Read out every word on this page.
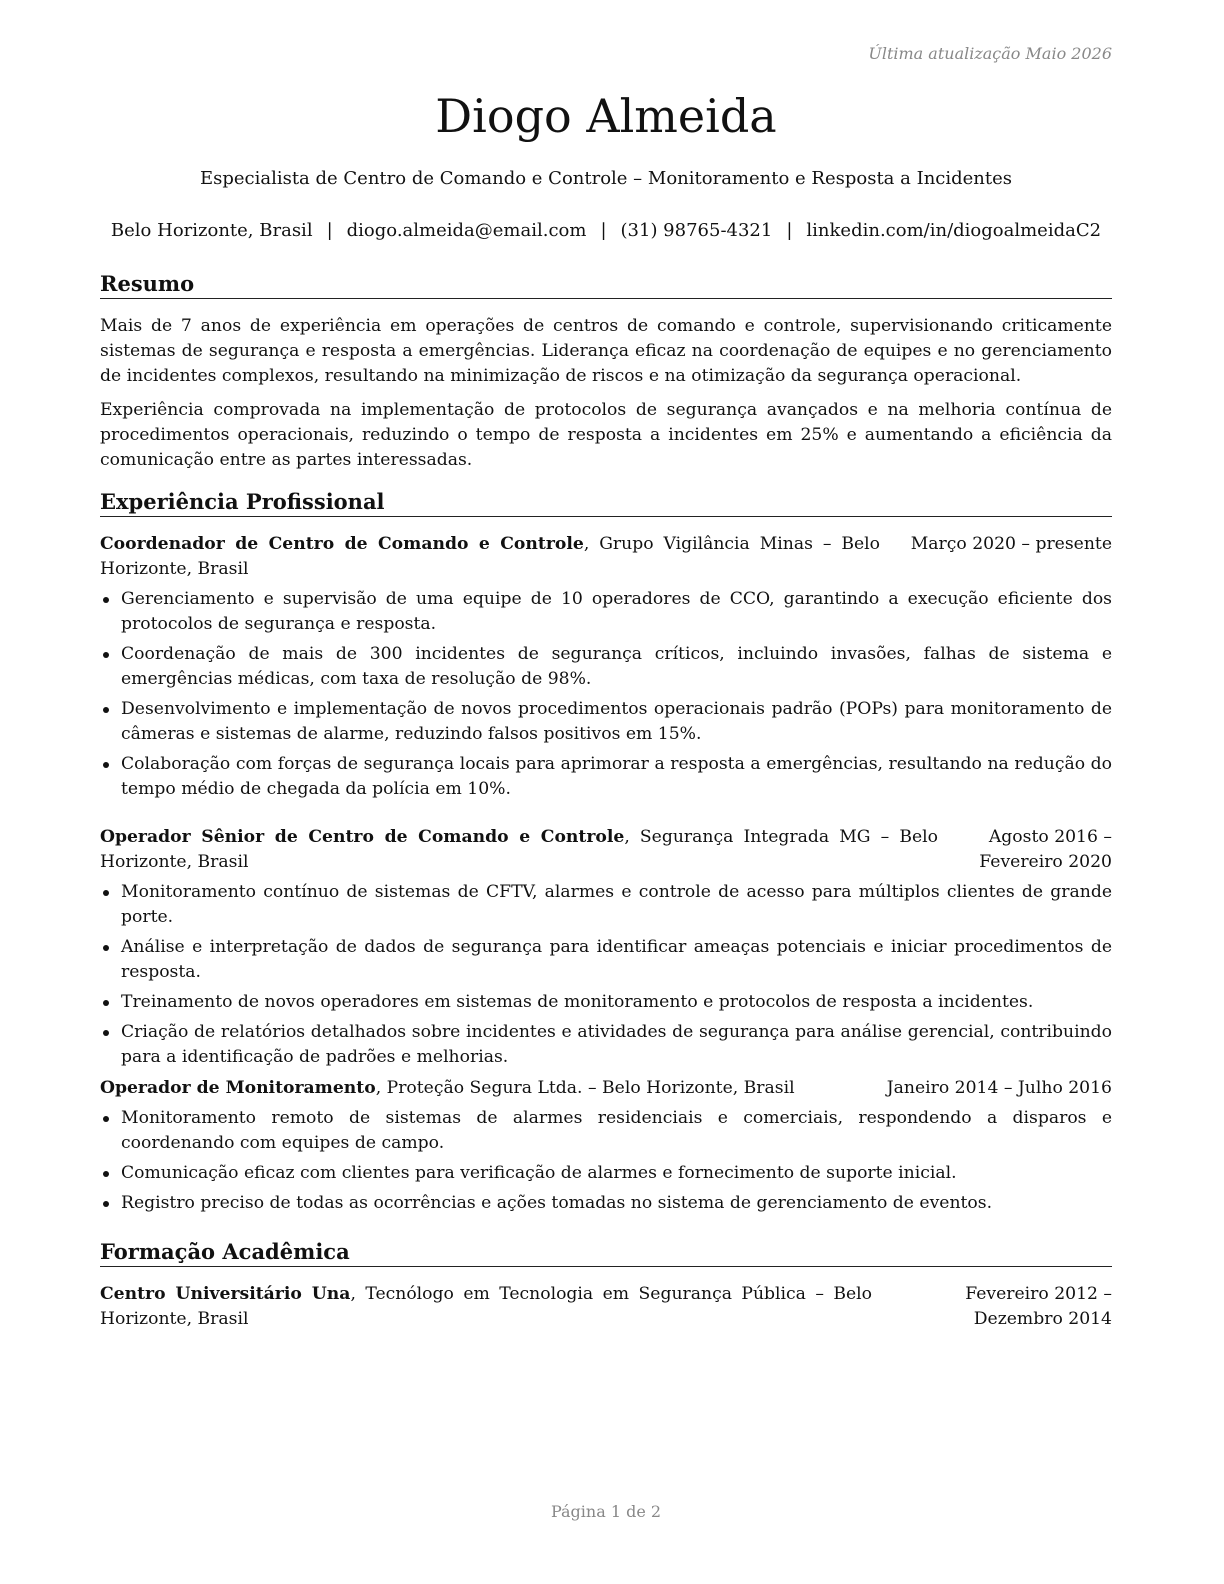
Última atualização Maio 2026
Diogo Almeida
Especialista de Centro de Comando e Controle – Monitoramento e Resposta a Incidentes
Belo Horizonte, Brasil | diogo.almeida@email.com | (31) 98765-4321 | linkedin.com/in/diogoalmeidaC2
Resumo
Mais de 7 anos de experiência em operações de centros de comando e controle, supervisionando criticamente sistemas de segurança e resposta a emergências. Liderança eficaz na coordenação de equipes e no gerenciamento de incidentes complexos, resultando na minimização de riscos e na otimização da segurança operacional.
Experiência comprovada na implementação de protocolos de segurança avançados e na melhoria contínua de procedimentos operacionais, reduzindo o tempo de resposta a incidentes em 25% e aumentando a eficiência da comunicação entre as partes interessadas.
Experiência Profissional
Coordenador de Centro de Comando e Controle, Grupo Vigilância Minas – Belo Horizonte, Brasil
Março 2020 – presente
Gerenciamento e supervisão de uma equipe de 10 operadores de CCO, garantindo a execução eficiente dos protocolos de segurança e resposta.
Coordenação de mais de 300 incidentes de segurança críticos, incluindo invasões, falhas de sistema e emergências médicas, com taxa de resolução de 98%.
Desenvolvimento e implementação de novos procedimentos operacionais padrão (POPs) para monitoramento de câmeras e sistemas de alarme, reduzindo falsos positivos em 15%.
Colaboração com forças de segurança locais para aprimorar a resposta a emergências, resultando na redução do tempo médio de chegada da polícia em 10%.
Operador Sênior de Centro de Comando e Controle, Segurança Integrada MG – Belo Horizonte, Brasil
Agosto 2016 – Fevereiro 2020
Monitoramento contínuo de sistemas de CFTV, alarmes e controle de acesso para múltiplos clientes de grande porte.
Análise e interpretação de dados de segurança para identificar ameaças potenciais e iniciar procedimentos de resposta.
Treinamento de novos operadores em sistemas de monitoramento e protocolos de resposta a incidentes.
Criação de relatórios detalhados sobre incidentes e atividades de segurança para análise gerencial, contribuindo para a identificação de padrões e melhorias.
Operador de Monitoramento, Proteção Segura Ltda. – Belo Horizonte, Brasil	Janeiro 2014 – Julho 2016
Monitoramento remoto de sistemas de alarmes residenciais e comerciais, respondendo a disparos e coordenando com equipes de campo.
Comunicação eficaz com clientes para verificação de alarmes e fornecimento de suporte inicial.
Registro preciso de todas as ocorrências e ações tomadas no sistema de gerenciamento de eventos.
Formação Acadêmica
Centro Universitário Una, Tecnólogo em Tecnologia em Segurança Pública – Belo Horizonte, Brasil
Fevereiro 2012 – Dezembro 2014
Página 1 de 2
